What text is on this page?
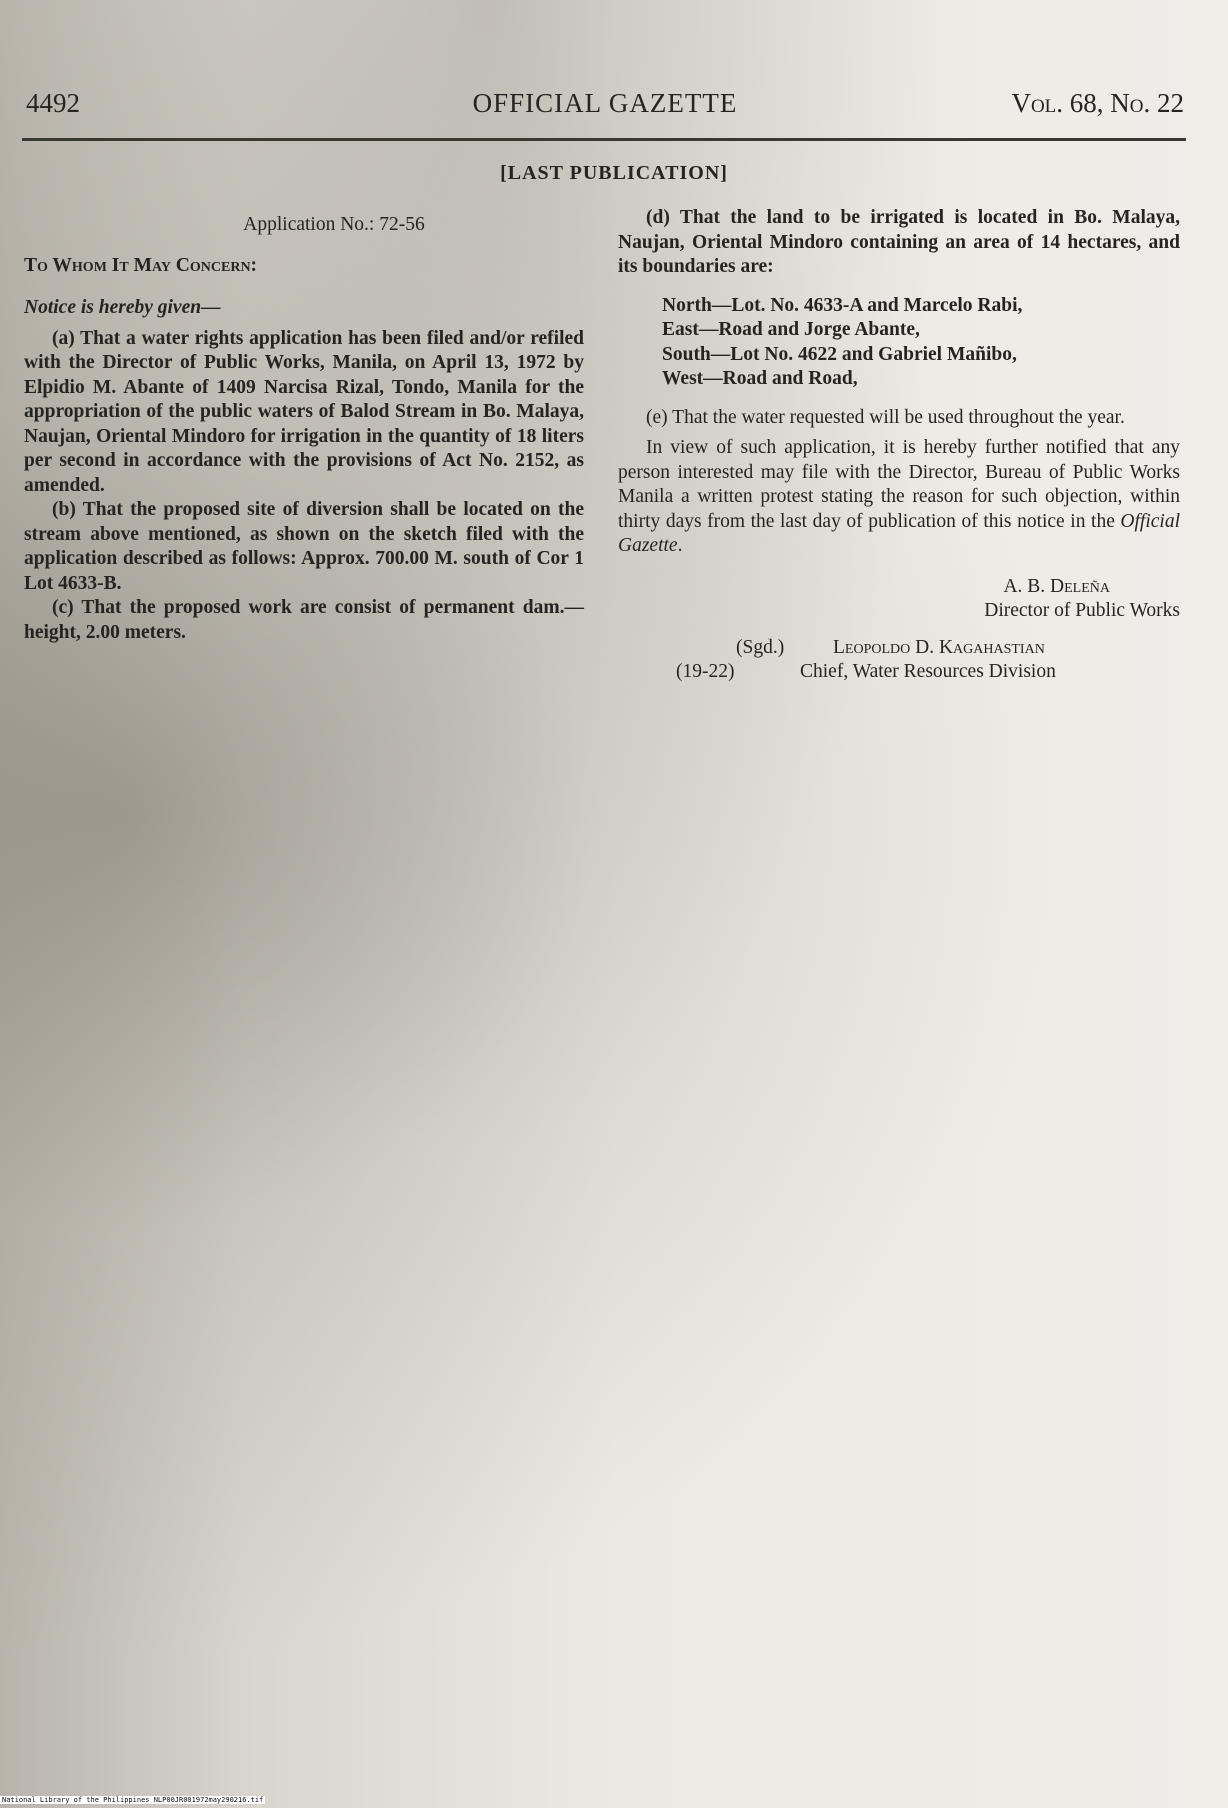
4492	OFFICIAL GAZETTE	Vol. 68, No. 22
[LAST PUBLICATION]

Application No.: 72-56

To Whom It May Concern:

Notice is hereby given—

(a) That a water rights application has been filed and/or refiled with the Director of Public Works, Manila, on April 13, 1972 by Elpidio M. Abante of 1409 Narcisa Rizal, Tondo, Manila for the appropriation of the public waters of Balod Stream in Bo. Malaya, Naujan, Oriental Mindoro for irrigation in the quantity of 18 liters per second in accordance with the provisions of Act No. 2152, as amended.

(b) That the proposed site of diversion shall be located on the stream above mentioned, as shown on the sketch filed with the application described as follows: Approx. 700.00 M. south of Cor 1 Lot 4633-B.

(c) That the proposed work are consist of permanent dam.—height, 2.00 meters.

(d) That the land to be irrigated is located in Bo. Malaya, Naujan, Oriental Mindoro containing an area of 14 hectares, and its boundaries are:

North—Lot. No. 4633-A and Marcelo Rabi,
East—Road and Jorge Abante,
South—Lot No. 4622 and Gabriel Mañibo,
West—Road and Road,

(e) That the water requested will be used throughout the year.

In view of such application, it is hereby further notified that any person interested may file with the Director, Bureau of Public Works Manila a written protest stating the reason for such objection, within thirty days from the last day of publication of this notice in the Official Gazette.

A. B. Deleña

Director of Public Works

(Sgd.)	Leopoldo D. Kagahastian
(19-22)	Chief, Water Resources Division
National Library of the Philippines NLP00JR001972may290216.tif
